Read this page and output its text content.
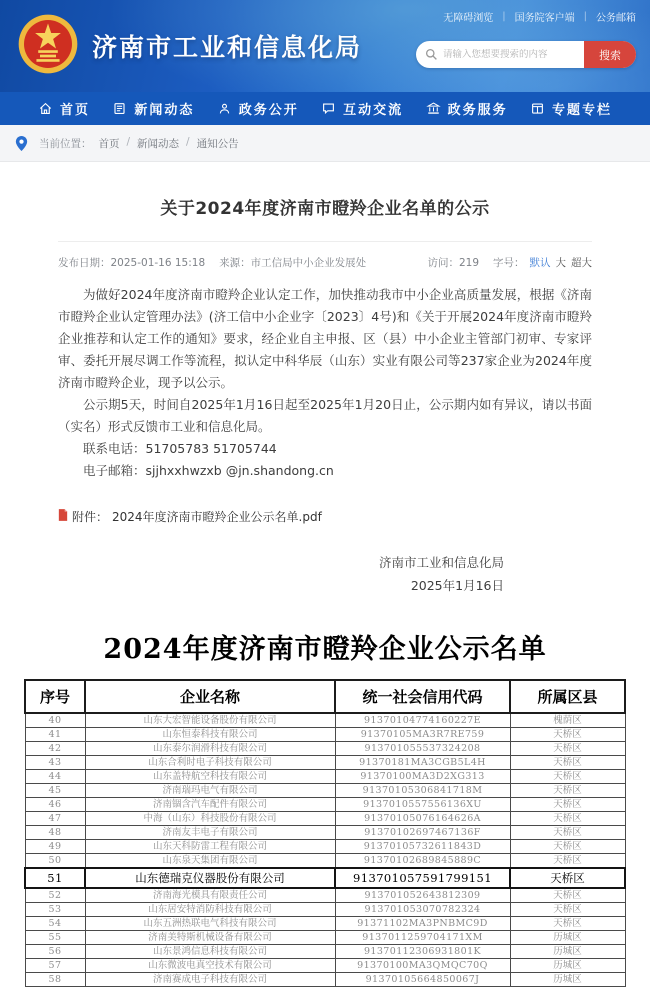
无障碍浏览 | 国务院客户端 | 公务邮箱
济南市工业和信息化局
请输入您想要搜索的内容	搜索
首页	新闻动态	政务公开	互动交流	政务服务	专题专栏
当前位置： 首页 / 新闻动态 / 通知公告
关于2024年度济南市瞪羚企业名单的公示
发布日期：2025-01-16 15:18 来源：市工信局中小企业发展处	访问：219 字号： 默认 大 超大

为做好2024年度济南市瞪羚企业认定工作，加快推动我市中小企业高质量发展，根据《济南市瞪羚企业认定管理办法》(济工信中小企业字〔2023〕4号)和《关于开展2024年度济南市瞪羚企业推荐和认定工作的通知》要求，经企业自主申报、区（县）中小企业主管部门初审、专家评审、委托开展尽调工作等流程，拟认定中科华辰（山东）实业有限公司等237家企业为2024年度济南市瞪羚企业，现予以公示。

公示期5天，时间自2025年1月16日起至2025年1月20日止，公示期内如有异议，请以书面（实名）形式反馈市工业和信息化局。

联系电话：51705783 51705744
电子邮箱：sjjhxxhwzxb @jn.shandong.cn
附件： 2024年度济南市瞪羚企业公示名单.pdf
济南市工业和信息化局
2025年1月16日
2024年度济南市瞪羚企业公示名单
序号	企业名称	统一社会信用代码	所属区县
40	山东大宏智能设备股份有限公司	91370104774160227E	槐荫区
41	山东恒泰科技有限公司	91370105MA3R7RE759	天桥区
42	山东泰尔润滑科技有限公司	913701055537324208	天桥区
43	山东合利时电子科技有限公司	91370181MA3CGB5L4H	天桥区
44	山东盖特航空科技有限公司	91370100MA3D2XG313	天桥区
45	济南瑞玛电气有限公司	91370105306841718M	天桥区
46	济南锢含汽车配件有限公司	9137010557556136XU	天桥区
47	中海（山东）科技股份有限公司	91370105076164626A	天桥区
48	济南友丰电子有限公司	91370102697467136F	天桥区
49	山东天科防雷工程有限公司	91370105732611843D	天桥区
50	山东泉天集团有限公司	91370102689845889C	天桥区
51	山东德瑞克仪器股份有限公司	913701057591799151	天桥区
52	济南海光模具有限责任公司	913701052643812309	天桥区
53	山东居安特消防科技有限公司	913701053070782324	天桥区
54	山东五洲热联电气科技有限公司	91371102MA3PNBMC9D	天桥区
55	济南美特斯机械设备有限公司	9137011259704171XM	历城区
56	山东景鸿信息科技有限公司	91370112306931801K	历城区
57	山东微波电真空技术有限公司	91370100MA3QMQC70Q	历城区
58	济南赛成电子科技有限公司	91370105664850067J	历城区
